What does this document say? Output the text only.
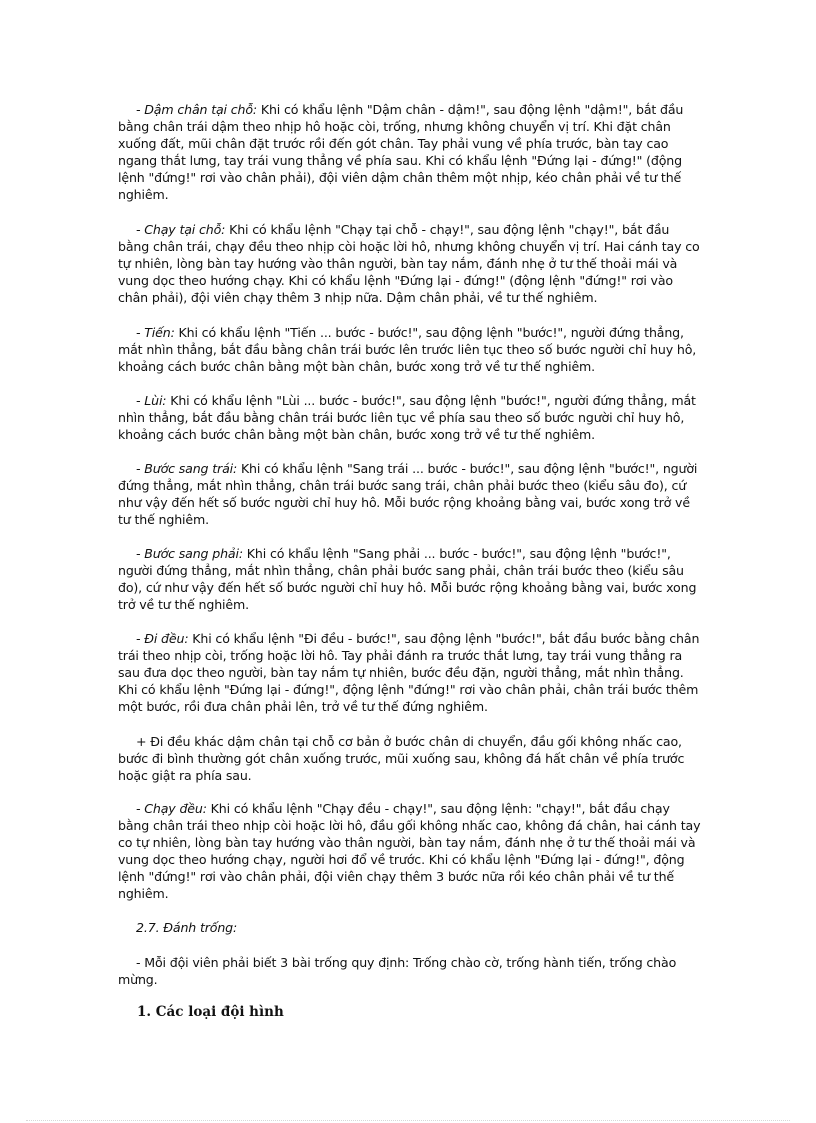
- Dậm chân tại chỗ: Khi có khẩu lệnh "Dậm chân - dậm!", sau động lệnh "dậm!", bắt đầu bằng chân trái dậm theo nhịp hô hoặc còi, trống, nhưng không chuyển vị trí. Khi đặt chân xuống đất, mũi chân đặt trước rồi đến gót chân. Tay phải vung về phía trước, bàn tay cao ngang thắt lưng, tay trái vung thẳng về phía sau. Khi có khẩu lệnh "Đứng lại - đứng!" (động lệnh "đứng!" rơi vào chân phải), đội viên dậm chân thêm một nhịp, kéo chân phải về tư thế nghiêm.

- Chạy tại chỗ: Khi có khẩu lệnh "Chạy tại chỗ - chạy!", sau động lệnh "chạy!", bắt đầu bằng chân trái, chạy đều theo nhịp còi hoặc lời hô, nhưng không chuyển vị trí. Hai cánh tay co tự nhiên, lòng bàn tay hướng vào thân người, bàn tay nắm, đánh nhẹ ở tư thế thoải mái và vung dọc theo hướng chạy. Khi có khẩu lệnh "Đứng lại - đứng!" (động lệnh "đứng!" rơi vào chân phải), đội viên chạy thêm 3 nhịp nữa. Dậm chân phải, về tư thế nghiêm.

- Tiến: Khi có khẩu lệnh "Tiến ... bước - bước!", sau động lệnh "bước!", người đứng thẳng, mắt nhìn thẳng, bắt đầu bằng chân trái bước lên trước liên tục theo số bước người chỉ huy hô, khoảng cách bước chân bằng một bàn chân, bước xong trở về tư thế nghiêm.

- Lùi: Khi có khẩu lệnh "Lùi ... bước - bước!", sau động lệnh "bước!", người đứng thẳng, mắt nhìn thẳng, bắt đầu bằng chân trái bước liên tục về phía sau theo số bước người chỉ huy hô, khoảng cách bước chân bằng một bàn chân, bước xong trở về tư thế nghiêm.

- Bước sang trái: Khi có khẩu lệnh "Sang trái ... bước - bước!", sau động lệnh "bước!", người đứng thẳng, mắt nhìn thẳng, chân trái bước sang trái, chân phải bước theo (kiểu sâu đo), cứ như vậy đến hết số bước người chỉ huy hô. Mỗi bước rộng khoảng bằng vai, bước xong trở về tư thế nghiêm.

- Bước sang phải: Khi có khẩu lệnh "Sang phải ... bước - bước!", sau động lệnh "bước!", người đứng thẳng, mắt nhìn thẳng, chân phải bước sang phải, chân trái bước theo (kiểu sâu đo), cứ như vậy đến hết số bước người chỉ huy hô. Mỗi bước rộng khoảng bằng vai, bước xong trở về tư thế nghiêm.

- Đi đều: Khi có khẩu lệnh "Đi đều - bước!", sau động lệnh "bước!", bắt đầu bước bằng chân trái theo nhịp còi, trống hoặc lời hô. Tay phải đánh ra trước thắt lưng, tay trái vung thẳng ra sau đưa dọc theo người, bàn tay nắm tự nhiên, bước đều đặn, người thẳng, mắt nhìn thẳng. Khi có khẩu lệnh "Đứng lại - đứng!", động lệnh "đứng!" rơi vào chân phải, chân trái bước thêm một bước, rồi đưa chân phải lên, trở về tư thế đứng nghiêm.

+ Đi đều khác dậm chân tại chỗ cơ bản ở bước chân di chuyển, đầu gối không nhấc cao, bước đi bình thường gót chân xuống trước, mũi xuống sau, không đá hất chân về phía trước hoặc giật ra phía sau.

- Chạy đều: Khi có khẩu lệnh "Chạy đều - chạy!", sau động lệnh: "chạy!", bắt đầu chạy bằng chân trái theo nhịp còi hoặc lời hô, đầu gối không nhấc cao, không đá chân, hai cánh tay co tự nhiên, lòng bàn tay hướng vào thân người, bàn tay nắm, đánh nhẹ ở tư thế thoải mái và vung dọc theo hướng chạy, người hơi đổ về trước. Khi có khẩu lệnh "Đứng lại - đứng!", động lệnh "đứng!" rơi vào chân phải, đội viên chạy thêm 3 bước nữa rồi kéo chân phải về tư thế nghiêm.

2.7. Đánh trống:

- Mỗi đội viên phải biết 3 bài trống quy định: Trống chào cờ, trống hành tiến, trống chào mừng.

1. Các loại đội hình
